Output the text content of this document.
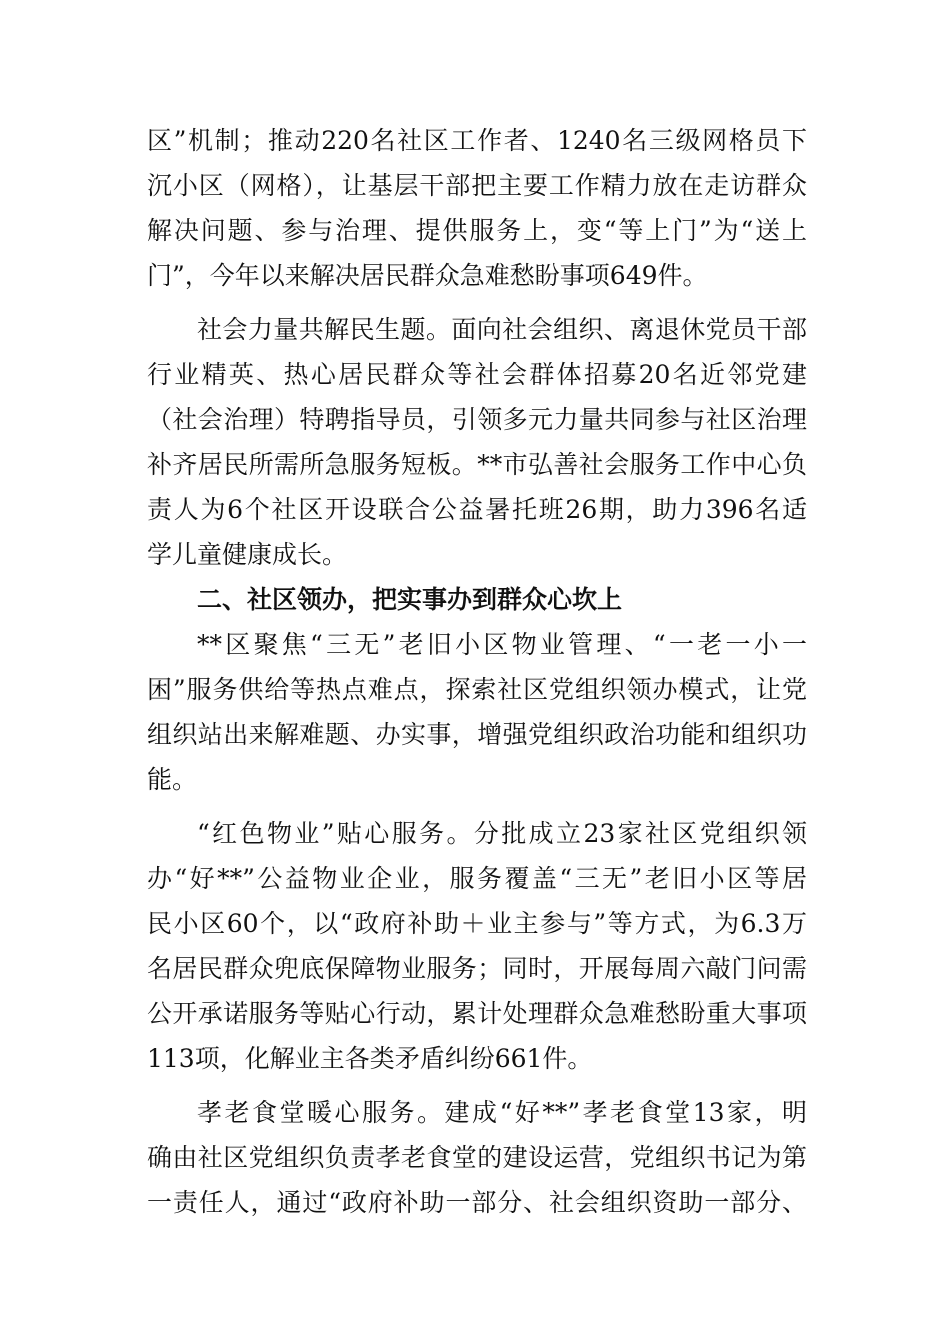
区”机制；推动220名社区工作者、1240名三级网格员下
沉小区（网格），让基层干部把主要工作精力放在走访群众
解决问题、参与治理、提供服务上，变“等上门”为“送上
门”，今年以来解决居民群众急难愁盼事项649件。
社会力量共解民生题。面向社会组织、离退休党员干部
行业精英、热心居民群众等社会群体招募20名近邻党建
（社会治理）特聘指导员，引领多元力量共同参与社区治理
补齐居民所需所急服务短板。**市弘善社会服务工作中心负
责人为6个社区开设联合公益暑托班26期，助力396名适
学儿童健康成长。
二、社区领办，把实事办到群众心坎上
**区聚焦“三无”老旧小区物业管理、“一老一小一
困”服务供给等热点难点，探索社区党组织领办模式，让党
组织站出来解难题、办实事，增强党组织政治功能和组织功
能。
“红色物业”贴心服务。分批成立23家社区党组织领
办“好**”公益物业企业，服务覆盖“三无”老旧小区等居
民小区60个，以“政府补助＋业主参与”等方式，为6.3万
名居民群众兜底保障物业服务；同时，开展每周六敲门问需
公开承诺服务等贴心行动，累计处理群众急难愁盼重大事项
113项，化解业主各类矛盾纠纷661件。
孝老食堂暖心服务。建成“好**”孝老食堂13家，明
确由社区党组织负责孝老食堂的建设运营，党组织书记为第
一责任人，通过“政府补助一部分、社会组织资助一部分、
